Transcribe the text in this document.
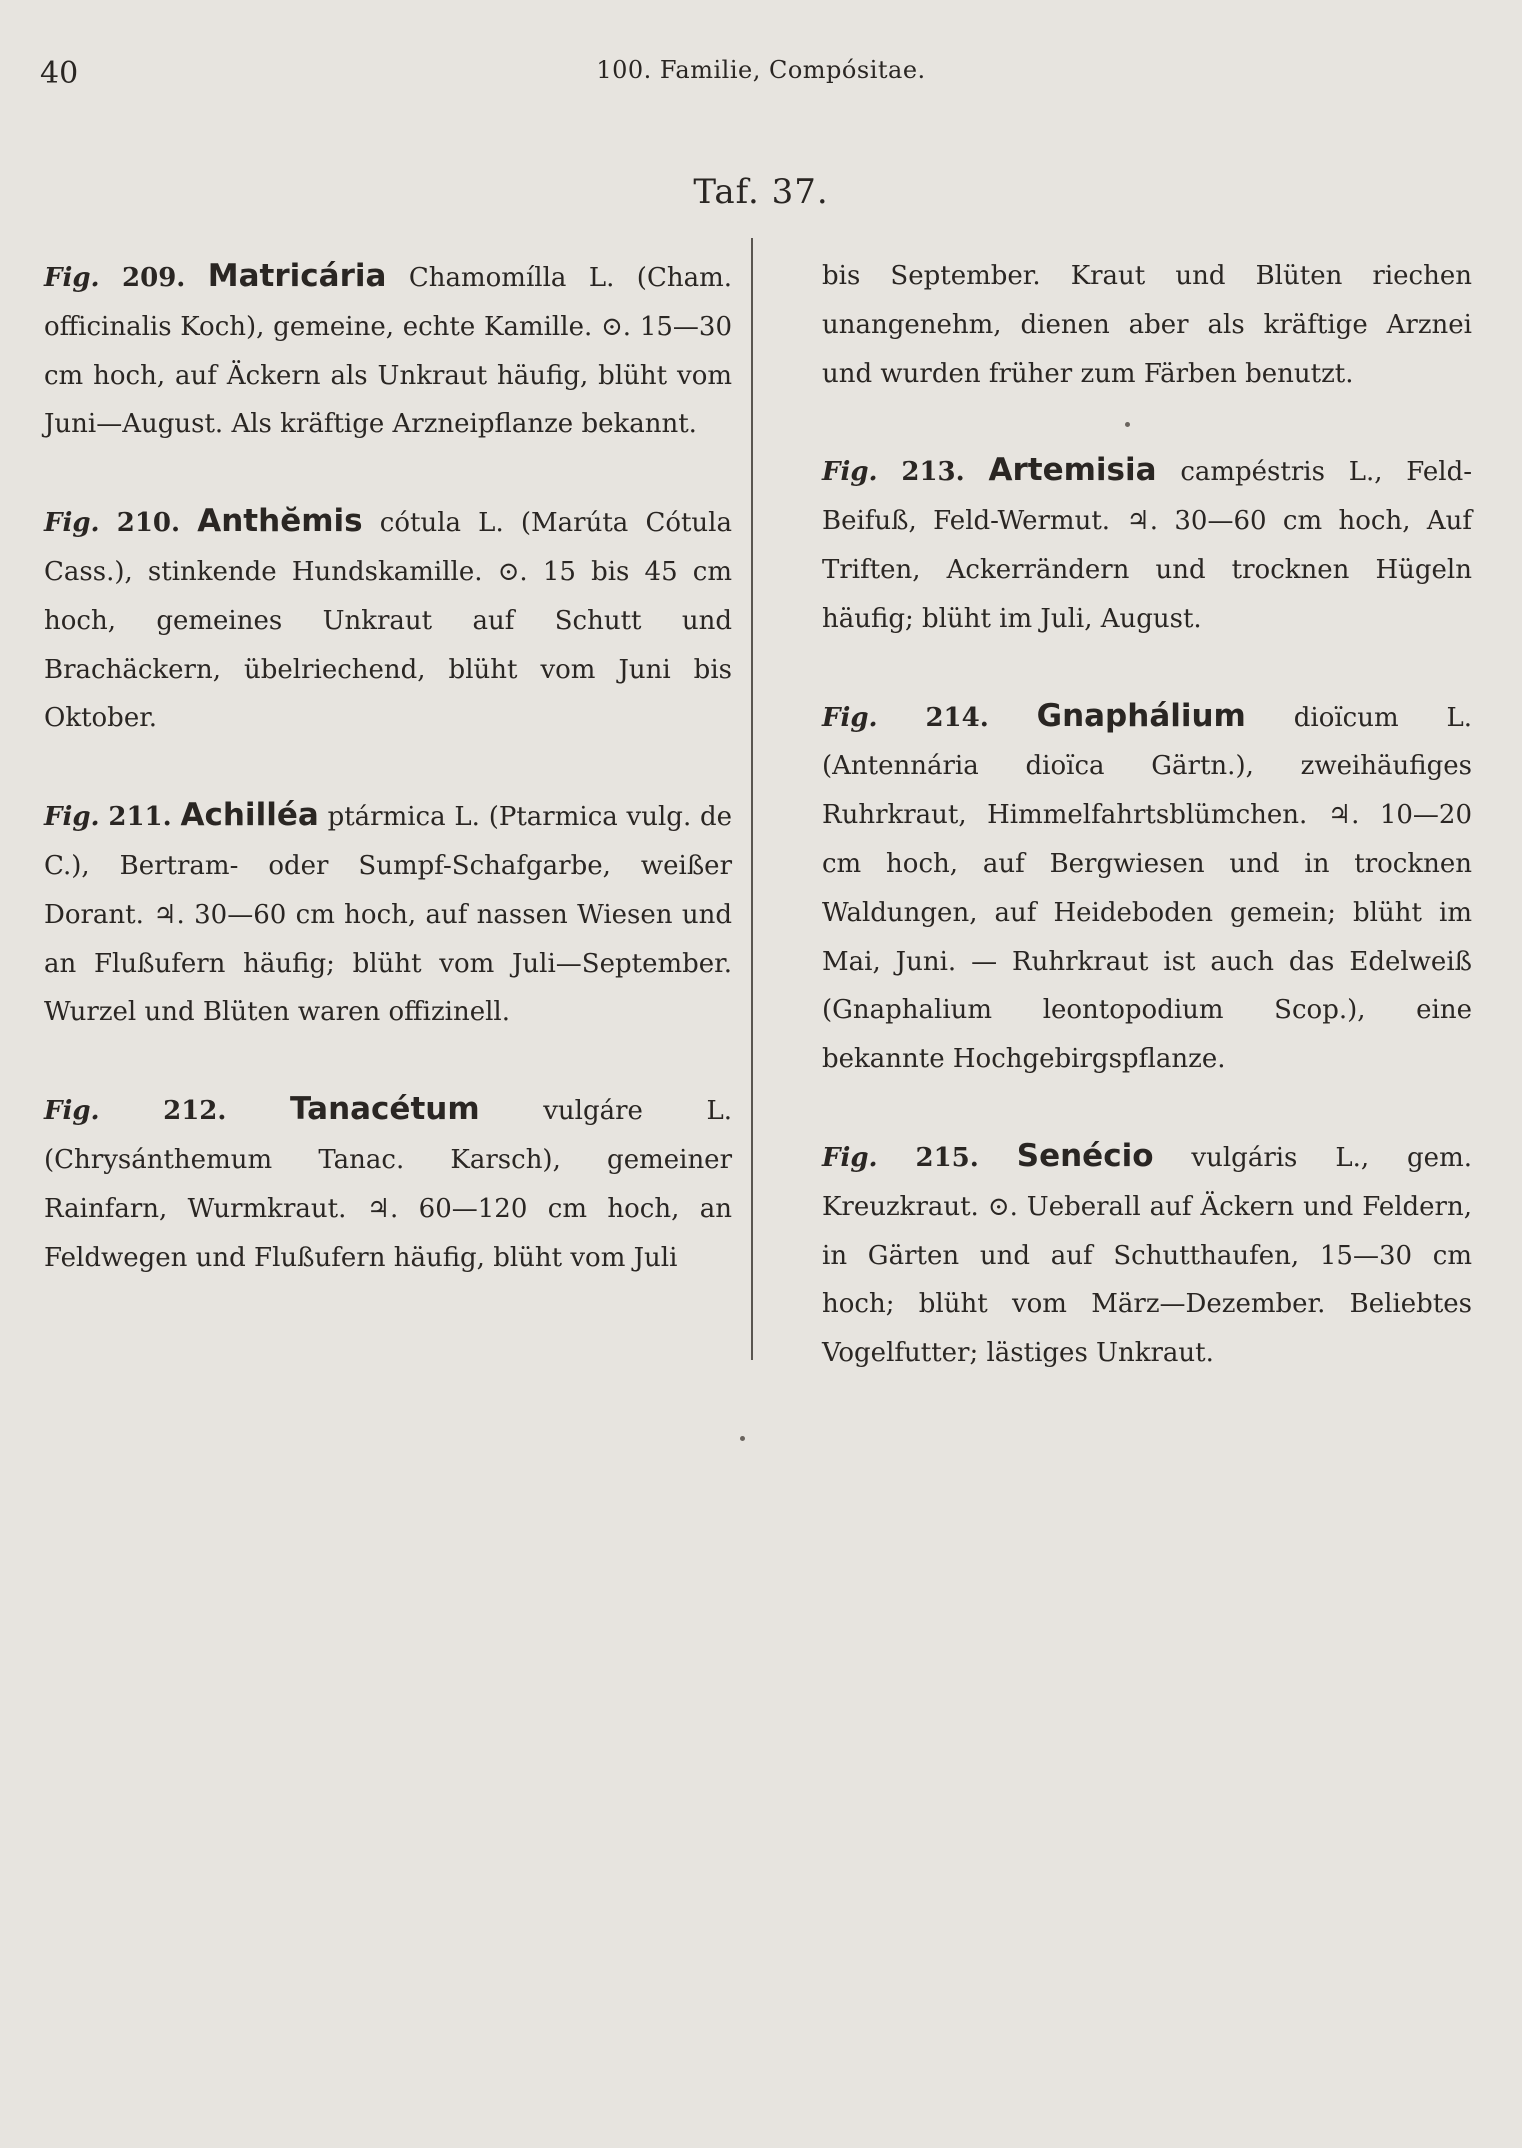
40	100. Familie, Compósitae.
Taf. 37.

Fig. 209. Matricária Chamomílla L. (Cham. officinalis Koch), gemeine, echte Kamille. ⊙. 15—30 cm hoch, auf Äckern als Unkraut häufig, blüht vom Juni—August. Als kräftige Arzneipflanze bekannt.

Fig. 210. Anthĕmis cótula L. (Marúta Cótula Cass.), stinkende Hundskamille. ⊙. 15 bis 45 cm hoch, gemeines Unkraut auf Schutt und Brachäckern, übelriechend, blüht vom Juni bis Oktober.

Fig. 211. Achilléa ptármica L. (Ptarmica vulg. de C.), Bertram- oder Sumpf-Schafgarbe, weißer Dorant. ♃. 30—60 cm hoch, auf nassen Wiesen und an Flußufern häufig; blüht vom Juli—September. Wurzel und Blüten waren offizinell.

Fig. 212. Tanacétum vulgáre L. (Chrysánthemum Tanac. Karsch), gemeiner Rainfarn, Wurmkraut. ♃. 60—120 cm hoch, an Feldwegen und Flußufern häufig, blüht vom Juli

bis September. Kraut und Blüten riechen unangenehm, dienen aber als kräftige Arznei und wurden früher zum Färben benutzt.

Fig. 213. Artemisia campéstris L., Feld-Beifuß, Feld-Wermut. ♃. 30—60 cm hoch, Auf Triften, Ackerrändern und trocknen Hügeln häufig; blüht im Juli, August.

Fig. 214. Gnaphálium dioïcum L. (Antennária dioïca Gärtn.), zweihäufiges Ruhrkraut, Himmelfahrtsblümchen. ♃. 10—20 cm hoch, auf Bergwiesen und in trocknen Waldungen, auf Heideboden gemein; blüht im Mai, Juni. — Ruhrkraut ist auch das Edelweiß (Gnaphalium leontopodium Scop.), eine bekannte Hochgebirgspflanze.

Fig. 215. Senécio vulgáris L., gem. Kreuzkraut. ⊙. Ueberall auf Äckern und Feldern, in Gärten und auf Schutthaufen, 15—30 cm hoch; blüht vom März—Dezember. Beliebtes Vogelfutter; lästiges Unkraut.
